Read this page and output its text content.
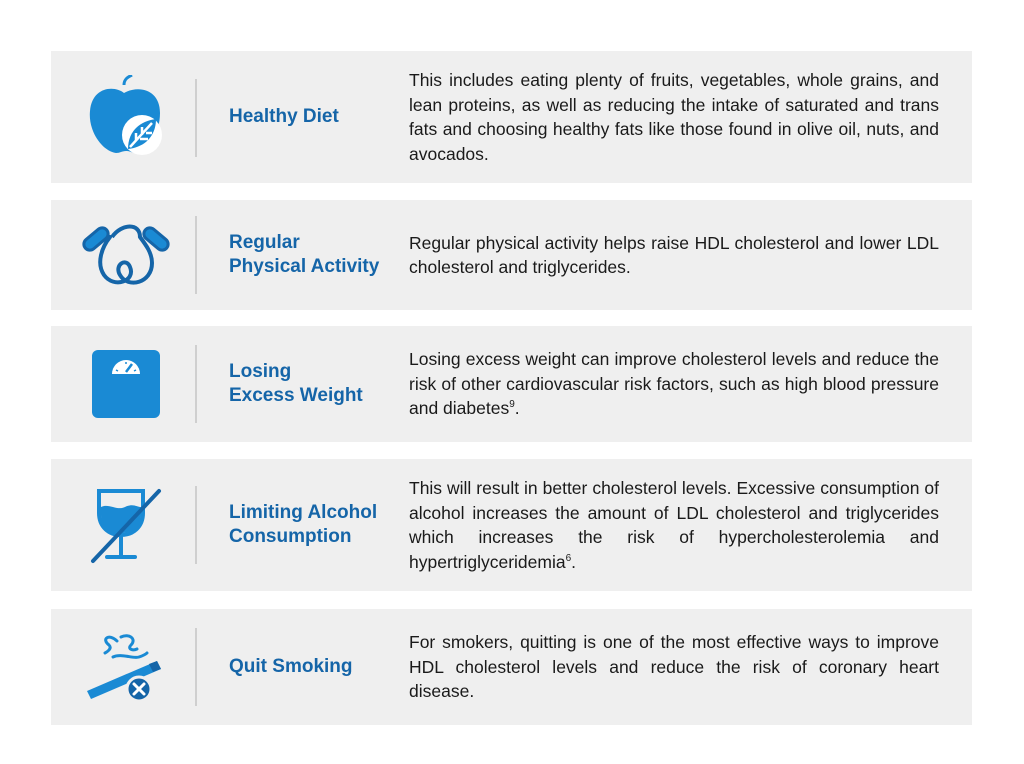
Healthy Diet

This includes eating plenty of fruits, vegetables, whole grains, and lean proteins, as well as reducing the intake of saturated and trans fats and choosing healthy fats like those found in olive oil, nuts, and avocados.

Regular
Physical Activity

Regular physical activity helps raise HDL cholesterol and lower LDL cholesterol and triglycerides.

Losing
Excess Weight

Losing excess weight can improve cholesterol levels and reduce the risk of other cardiovascular risk factors, such as high blood pressure and diabetes$^9$.

Limiting Alcohol
Consumption

This will result in better cholesterol levels. Excessive consumption of alcohol increases the amount of LDL cholesterol and triglycerides which increases the risk of hypercholesterolemia and hypertriglyceridemia$^6$.

Quit Smoking

For smokers, quitting is one of the most effective ways to improve HDL cholesterol levels and reduce the risk of coronary heart disease.
